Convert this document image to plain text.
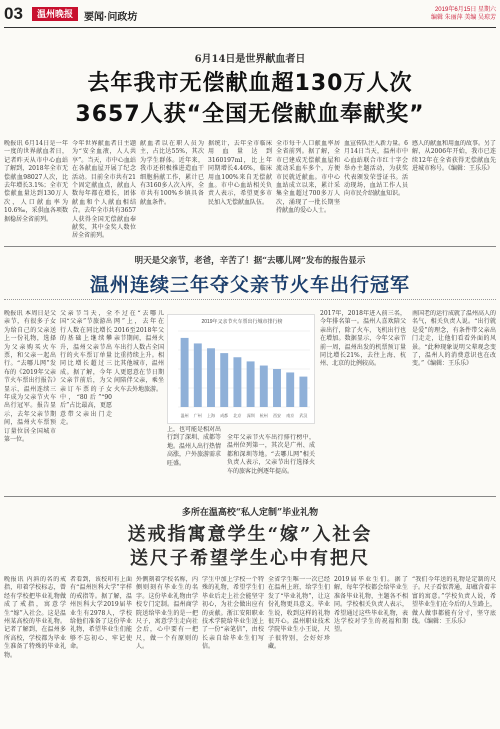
03	温州晚报	要闻·问政坊
2019年6月15日 星期六
编辑 朱丽萍 美编 吴琼芳
6月14日是世界献血者日
去年我市无偿献血超130万人次
3657人获“全国无偿献血奉献奖”
晚报讯 6月14日是一年一度的世界献血者日，记者昨天从市中心血站了解到，2018年全市无偿献血98027人次，比去年增长3.1%；全市无偿献血量达到130万人次，人口献血率为10.6‰，采供血各项数据稳居全省前列。
今年世界献血者日主题为“安全血液，人人共享”。当天，市中心血站在各献血屋开展了纪念活动。目前全市共有21个固定献血点，献血人数每年都在增长，团体献血和个人献血相结合。去年全市共有3657人获得全国无偿献血奉献奖，其中金奖人数位居全省前列。
献血者以在职人员为主，占比达55%，其次为学生群体。近年来，我市还积极推进造血干细胞捐献工作，累计已有3160多人次入库，全市共有100%乡镇具备献血条件。
据统计，去年全市临床用血量达到3160197ml，比上年同期增长4.46%，临床用血100%来自无偿献血。市中心血站相关负责人表示，希望更多市民加入无偿献血队伍。
全市每千人口献血率居全省前列。据了解，全市已建成无偿献血屋和流动采血车多个，方便市民就近献血。市中心血站成立以来，累计采集全血超过700多万人次，涌现了一批长期坚持献血的爱心人士。
血宣传队注入新力量。6月14日当天，温州市中心血站联合市红十字会举办主题活动，为获奖代表颁发荣誉证书。活动现场，血站工作人员向市民介绍献血知识。
感人的献血和用血的故事。另了解，从2006年开始，我市已连续12年在全省获得无偿献血先进城市称号。《编辑：王乐乐》
明天是父亲节，老爸，辛苦了！据“去哪儿网”发布的报告显示
温州连续三年夺父亲节火车出行冠军
晚报讯 本周日是父亲节，有很多子女为给自己的父亲送上一份礼物，选择为父亲购买火车票，和父亲一起出行。“去哪儿网”发布的《2019年父亲节火车票出行报告》显示，温州连续三年成为父亲节火车出行冠军。报告显示，去年父亲节期间，温州火车票预订量位居全国城市第一位。
父亲节当天，全国“父亲”节旅游出行人数在同比增长的基础上继续攀升，温州父亲节出行的火车票订单量同比增长超过三成。据了解，今年父亲节前后，为父亲订车票的子女中，“80后”“90后”占比最高，更愿意带父亲出门走走。
不过在“去哪儿网”上，去年在2016至2018年父亲节期间，温州火车出行人数占全国比重持续上升。相比其他城市，温州人更愿意在节日期间陪伴父亲，乘坐火车去外地旅游。
全年父亲节火车出行排行榜中，温州位列第一，其次是广州、成都和深圳等地。“去哪儿网”相关负责人表示，父亲节出行选择火车的旅客比例逐年提高。
2017年，2018年进入前三名，今年排名第一。温州人喜欢陪父亲出行，除了火车，飞机出行也在增加。数据显示，今年父亲节前一周，温州出发的机票预订量同比增长21%，去往上海、杭州、北京的比例较高。
南国老的运行成就了温州高人的名气，相关负责人说。“出行就是爱”的理念，有条件带父亲出门走走，让他们看看外面的风景。“此种现象说明父辈观念变了，温州人的消费意识也在改变。”《编辑：王乐乐》
2019年父亲节火车票出行城市排行榜
温州 广州 上海 成都 北京 深圳 杭州 西安 南京 武汉
上，也可能是相对出行到了深圳、成都等地。温州人出行热情高涨，户外旅游需求旺盛。
多所在温高校“私人定制”毕业礼物
送戒指寓意学生“嫁”入社会
送尺子希望学生心中有把尺
晚报讯 内斜的名的戒指，印着学校标志，曾经有学校把毕业礼物做成了戒指，寓意学生“嫁”入社会。这是温州某高校的毕业礼物。记者了解到，在温州多所高校，学校都为毕业生准备了特殊的毕业礼物。
者看到，该校印有上面有“温州医科大学”字样的戒指等。据了解，温州医科大学2019届毕业生有2978人，学校给他们准备了这份毕业礼物，希望毕业生们能够不忘初心、牢记使命。
外侧刻着学校名称，内侧则刻有毕业生的名字。这份毕业礼物由学校专门定制。温州商学院送给毕业生的是一把尺子，寓意学生走向社会后，心中要有一把尺，做一个有原则的人。
学生中加上学校一个特殊的礼物，希望学生们毕业后走上社会能坚守初心，为社会做出应有的贡献。浙江安阳职业技术学院给毕业生送上了一份“亲笔信”，由校长亲自给毕业生们写信。
全省学生唯一一次已经在温州上班，给学生们发了“毕业礼物”，让这份礼物更具意义。毕业生说，收到这样的礼物很开心。温州职业技术学院毕业生小王说，尺子很特别，会好好珍藏。
2019届毕业生们。据了解，每年学校都会给毕业生准备毕业礼物，主题各不相同。学校相关负责人表示，希望通过这些毕业礼物，表达学校对学生的祝福和期望。
“我们今年送的礼物是定制的尺子。尺子看似普通，却蕴含着丰富的寓意。”学校负责人说，希望毕业生们在今后的人生路上，做人做事都能有分寸，坚守底线。《编辑：王乐乐》
